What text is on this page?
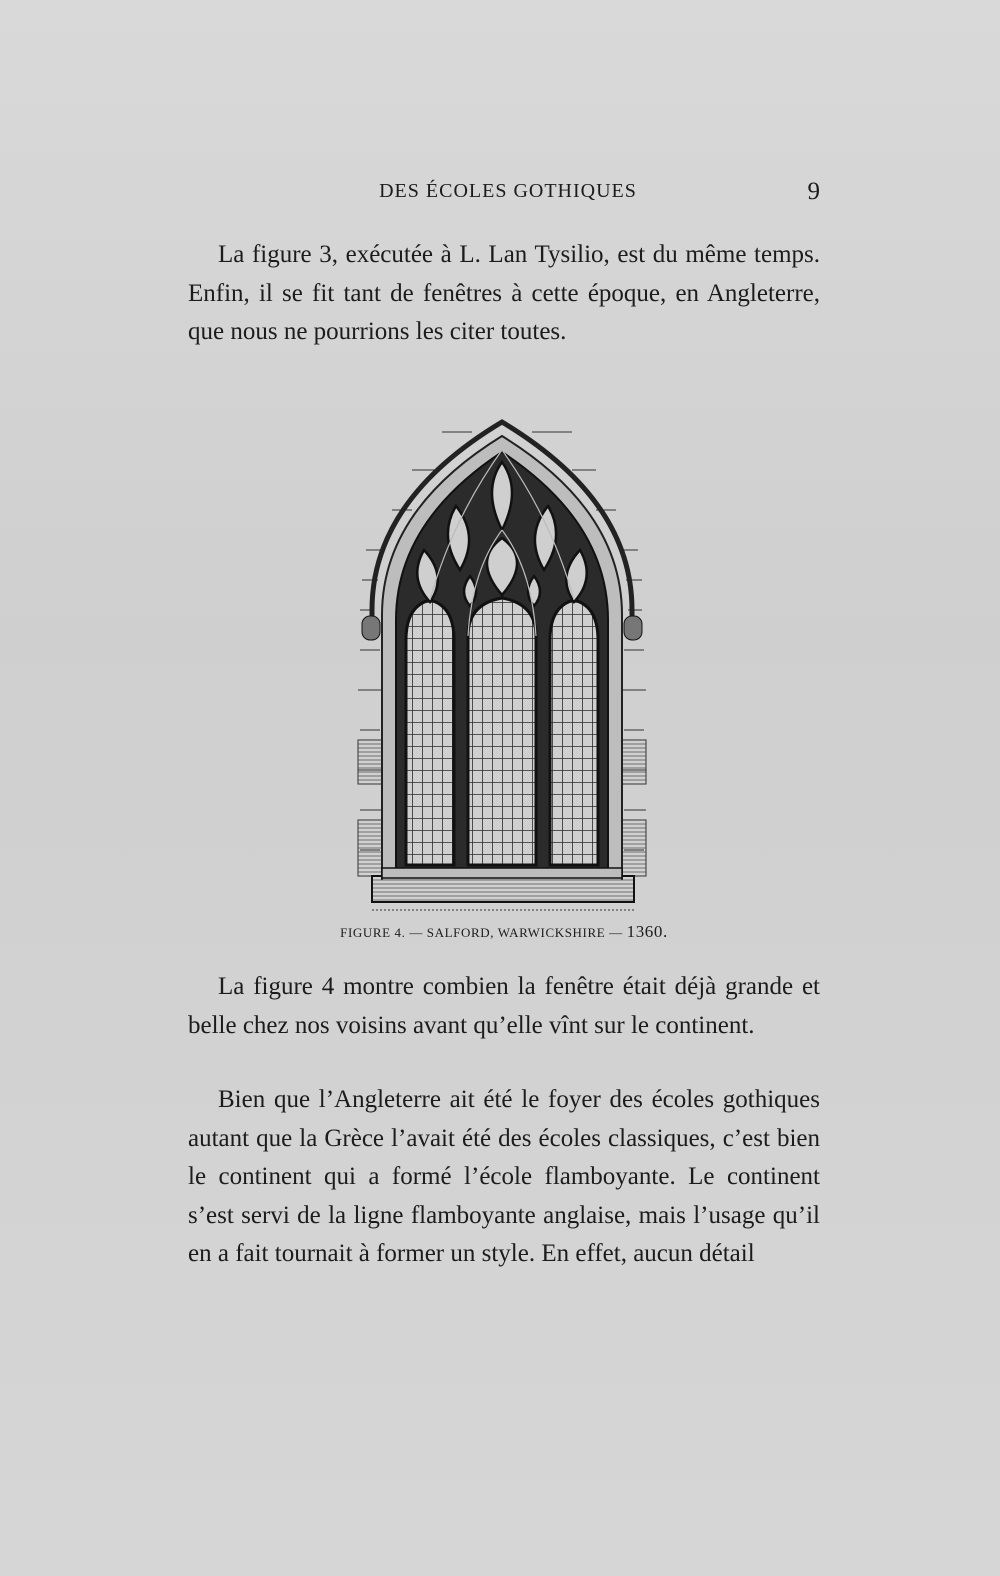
DES ÉCOLES GOTHIQUES	9

La figure 3, exécutée à L. Lan Tysilio, est du même temps. Enfin, il se fit tant de fenêtres à cette époque, en Angleterre, que nous ne pourrions les citer toutes.

FIGURE 4. — SALFORD, WARWICKSHIRE — 1360.

La figure 4 montre combien la fenêtre était déjà grande et belle chez nos voisins avant qu’elle vînt sur le continent.

Bien que l’Angleterre ait été le foyer des écoles gothiques autant que la Grèce l’avait été des écoles classiques, c’est bien le continent qui a formé l’école flamboyante. Le continent s’est servi de la ligne flamboyante anglaise, mais l’usage qu’il en a fait tournait à former un style. En effet, aucun détail
